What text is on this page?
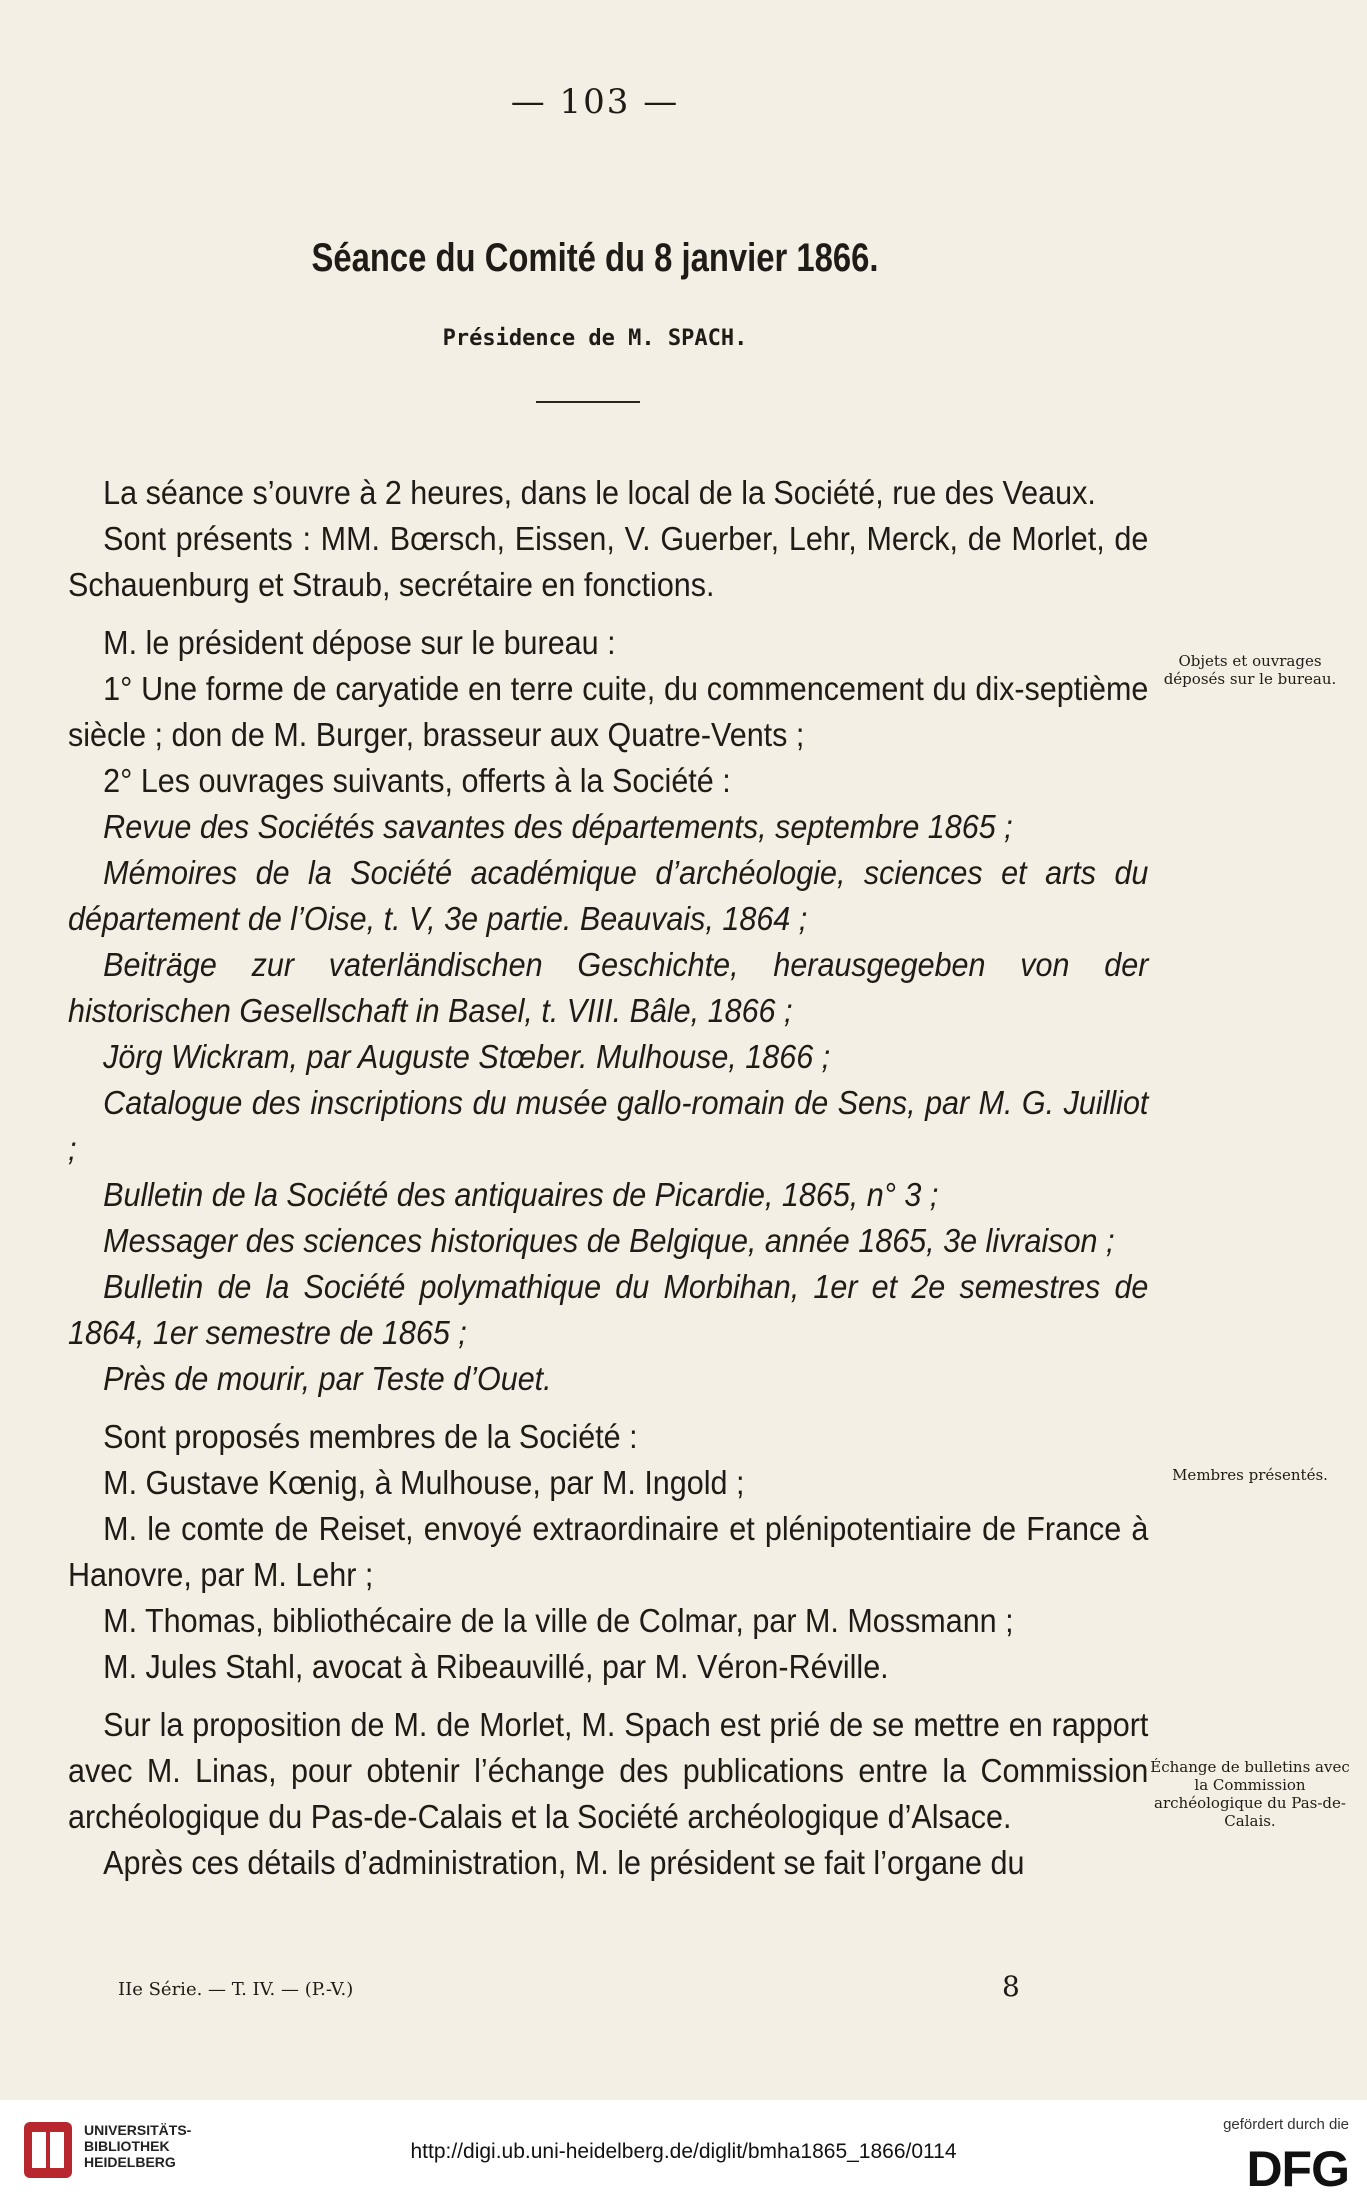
— 103 —
Séance du Comité du 8 janvier 1866.
Présidence de M. SPACH.

La séance s’ouvre à 2 heures, dans le local de la Société, rue des Veaux.

Sont présents : MM. Bœrsch, Eissen, V. Guerber, Lehr, Merck, de Morlet, de Schauenburg et Straub, secrétaire en fonctions.

M. le président dépose sur le bureau :

1° Une forme de caryatide en terre cuite, du commencement du dix-septième siècle ; don de M. Burger, brasseur aux Quatre-Vents ;

2° Les ouvrages suivants, offerts à la Société :

Revue des Sociétés savantes des départements, septembre 1865 ;

Mémoires de la Société académique d’archéologie, sciences et arts du département de l’Oise, t. V, 3e partie. Beauvais, 1864 ;

Beiträge zur vaterländischen Geschichte, herausgegeben von der historischen Gesellschaft in Basel, t. VIII. Bâle, 1866 ;

Jörg Wickram, par Auguste Stœber. Mulhouse, 1866 ;

Catalogue des inscriptions du musée gallo-romain de Sens, par M. G. Juilliot ;

Bulletin de la Société des antiquaires de Picardie, 1865, n° 3 ;

Messager des sciences historiques de Belgique, année 1865, 3e livraison ;

Bulletin de la Société polymathique du Morbihan, 1er et 2e semestres de 1864, 1er semestre de 1865 ;

Près de mourir, par Teste d’Ouet.

Sont proposés membres de la Société :

M. Gustave Kœnig, à Mulhouse, par M. Ingold ;

M. le comte de Reiset, envoyé extraordinaire et plénipotentiaire de France à Hanovre, par M. Lehr ;

M. Thomas, bibliothécaire de la ville de Colmar, par M. Mossmann ;

M. Jules Stahl, avocat à Ribeauvillé, par M. Véron-Réville.

Sur la proposition de M. de Morlet, M. Spach est prié de se mettre en rapport avec M. Linas, pour obtenir l’échange des publications entre la Commission archéologique du Pas-de-Calais et la Société archéologique d’Alsace.

Après ces détails d’administration, M. le président se fait l’organe du

Objets et ouvrages déposés sur le bureau.
Membres présentés.
Échange de bulletins avec la Commission archéologique du Pas-de-Calais.
IIe Série. — T. IV. — (P.-V.)	8
UNIVERSITÄTS-
BIBLIOTHEK
HEIDELBERG	http://digi.ub.uni-heidelberg.de/diglit/bmha1865_1866/0114
gefördert durch die
DFG
